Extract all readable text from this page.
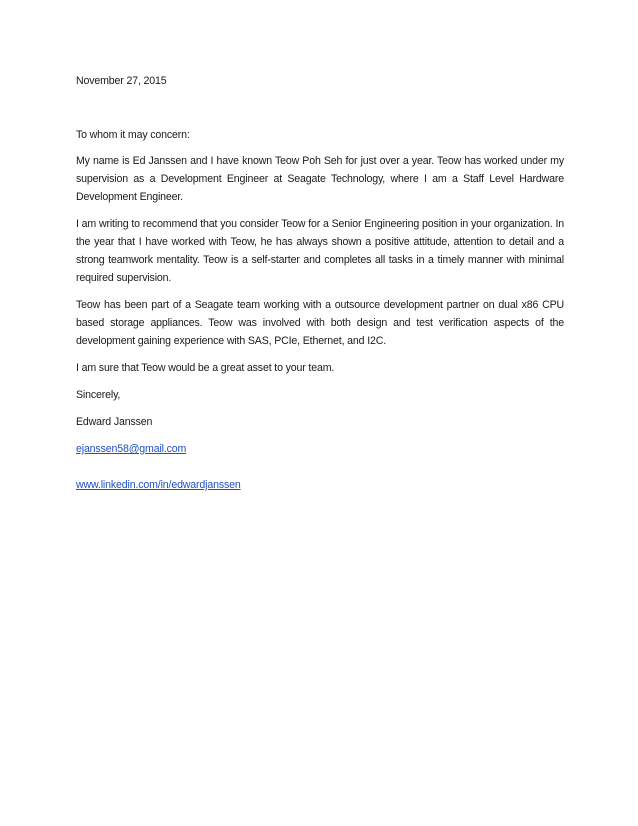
November 27, 2015

To whom it may concern:

My name is Ed Janssen and I have known Teow Poh Seh for just over a year. Teow has worked under my supervision as a Development Engineer at Seagate Technology, where I am a Staff Level Hardware Development Engineer.

I am writing to recommend that you consider Teow for a Senior Engineering position in your organization. In the year that I have worked with Teow, he has always shown a positive attitude, attention to detail and a strong teamwork mentality. Teow is a self-starter and completes all tasks in a timely manner with minimal required supervision.

Teow has been part of a Seagate team working with a outsource development partner on dual x86 CPU based storage appliances. Teow was involved with both design and test verification aspects of the development gaining experience with SAS, PCIe, Ethernet, and I2C.

I am sure that Teow would be a great asset to your team.

Sincerely,

Edward Janssen

ejanssen58@gmail.com

www.linkedin.com/in/edwardjanssen
